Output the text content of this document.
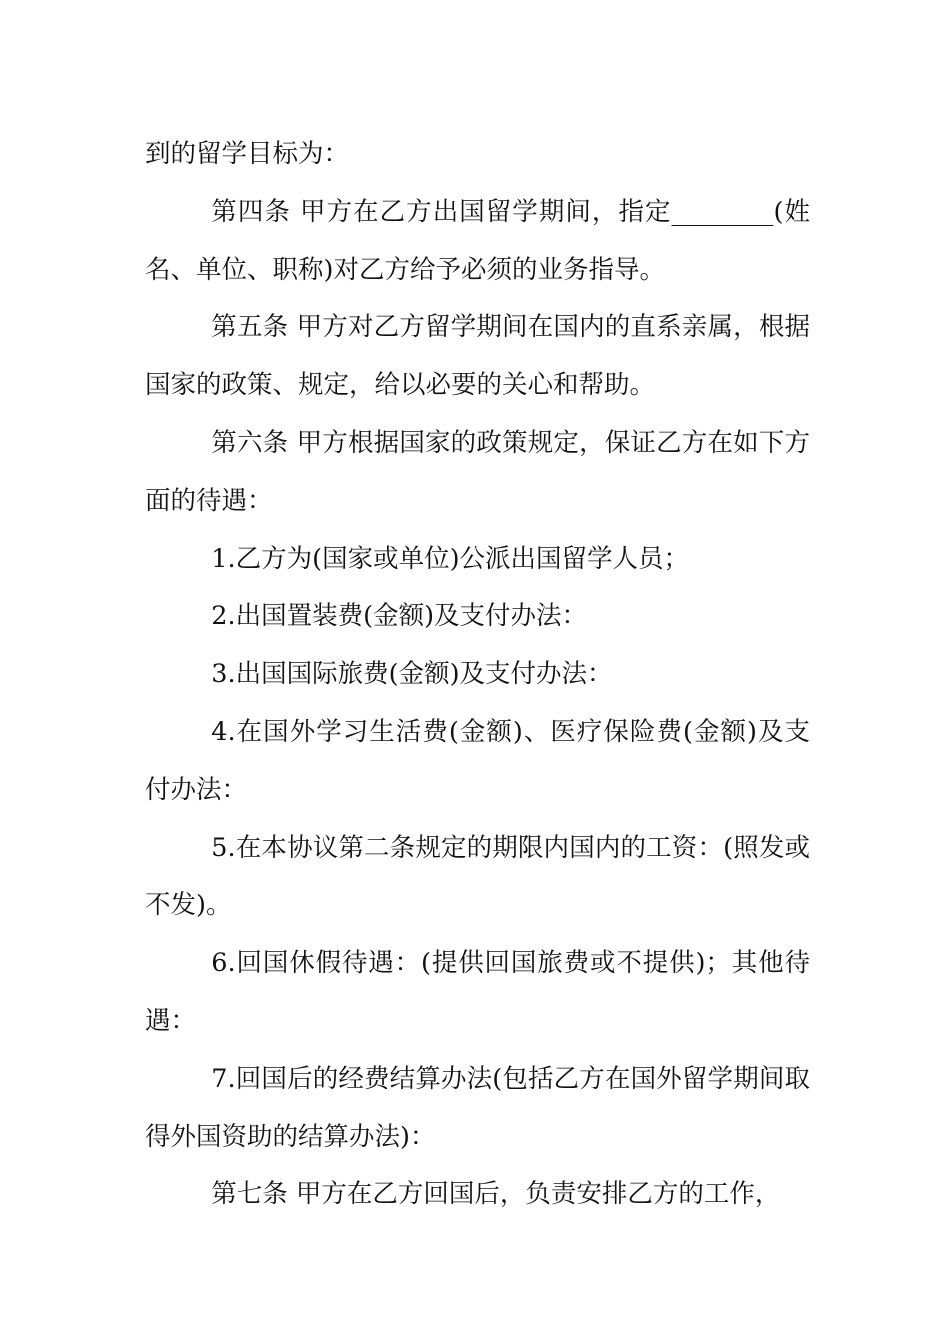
到的留学目标为：

第四条 甲方在乙方出国留学期间，指定________(姓名、单位、职称)对乙方给予必须的业务指导。

第五条 甲方对乙方留学期间在国内的直系亲属，根据国家的政策、规定，给以必要的关心和帮助。

第六条 甲方根据国家的政策规定，保证乙方在如下方面的待遇：

1.乙方为(国家或单位)公派出国留学人员；

2.出国置装费(金额)及支付办法：

3.出国国际旅费(金额)及支付办法：

4.在国外学习生活费(金额)、医疗保险费(金额)及支付办法：

5.在本协议第二条规定的期限内国内的工资：(照发或不发)。

6.回国休假待遇：(提供回国旅费或不提供)；其他待遇：

7.回国后的经费结算办法(包括乙方在国外留学期间取得外国资助的结算办法)：

第七条 甲方在乙方回国后，负责安排乙方的工作，
